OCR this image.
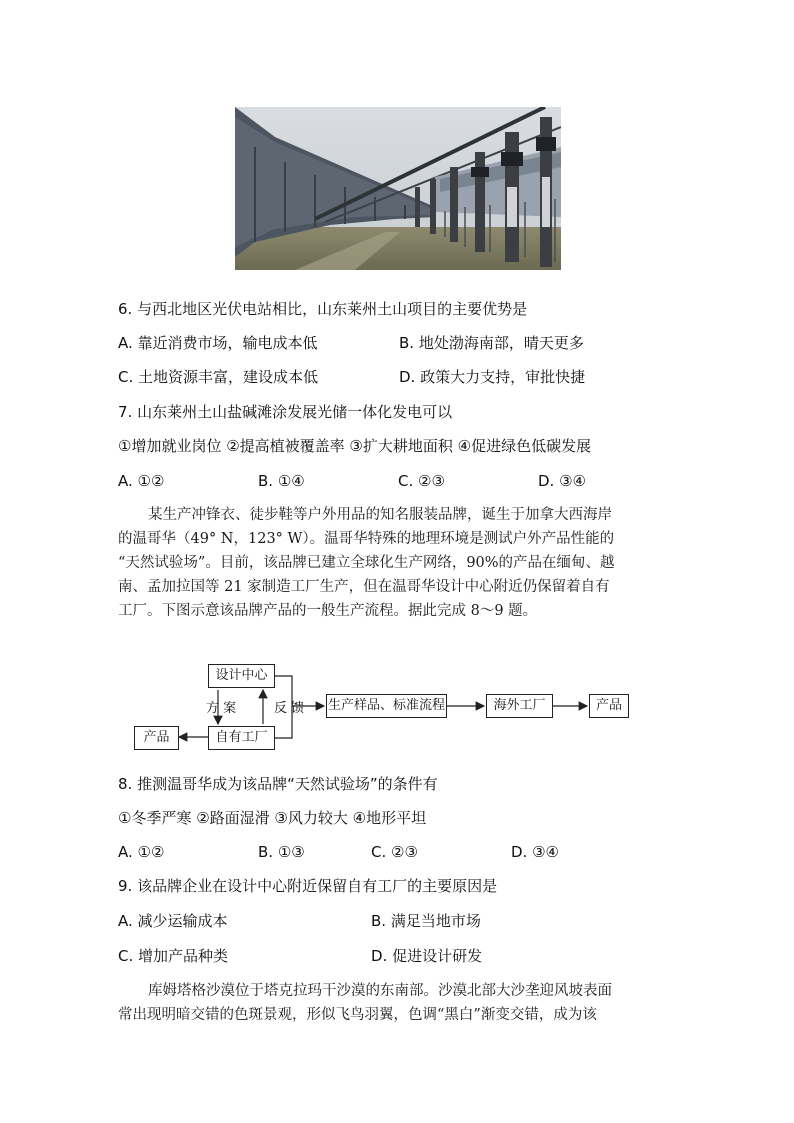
6. 与西北地区光伏电站相比，山东莱州土山项目的主要优势是
A. 靠近消费市场，输电成本低	B. 地处渤海南部，晴天更多
C. 土地资源丰富，建设成本低	D. 政策大力支持，审批快捷
7. 山东莱州土山盐碱滩涂发展光储一体化发电可以
①增加就业岗位 ②提高植被覆盖率 ③扩大耕地面积 ④促进绿色低碳发展
A. ①②	B. ①④	C. ②③	D. ③④
某生产冲锋衣、徒步鞋等户外用品的知名服装品牌，诞生于加拿大西海岸
的温哥华（49° N，123° W）。温哥华特殊的地理环境是测试户外产品性能的
“天然试验场”。目前，该品牌已建立全球化生产网络，90%的产品在缅甸、越
南、孟加拉国等 21 家制造工厂生产，但在温哥华设计中心附近仍保留着自有
工厂。下图示意该品牌产品的一般生产流程。据此完成 8～9 题。
设计中心
方 案	反 馈
自有工厂
产品
生产样品、标准流程	海外工厂	产品
8. 推测温哥华成为该品牌“天然试验场”的条件有
①冬季严寒 ②路面湿滑 ③风力较大 ④地形平坦
A. ①②	B. ①③	C. ②③	D. ③④
9. 该品牌企业在设计中心附近保留自有工厂的主要原因是
A. 减少运输成本	B. 满足当地市场
C. 增加产品种类	D. 促进设计研发
库姆塔格沙漠位于塔克拉玛干沙漠的东南部。沙漠北部大沙垄迎风坡表面
常出现明暗交错的色斑景观，形似飞鸟羽翼，色调“黑白”渐变交错，成为该
